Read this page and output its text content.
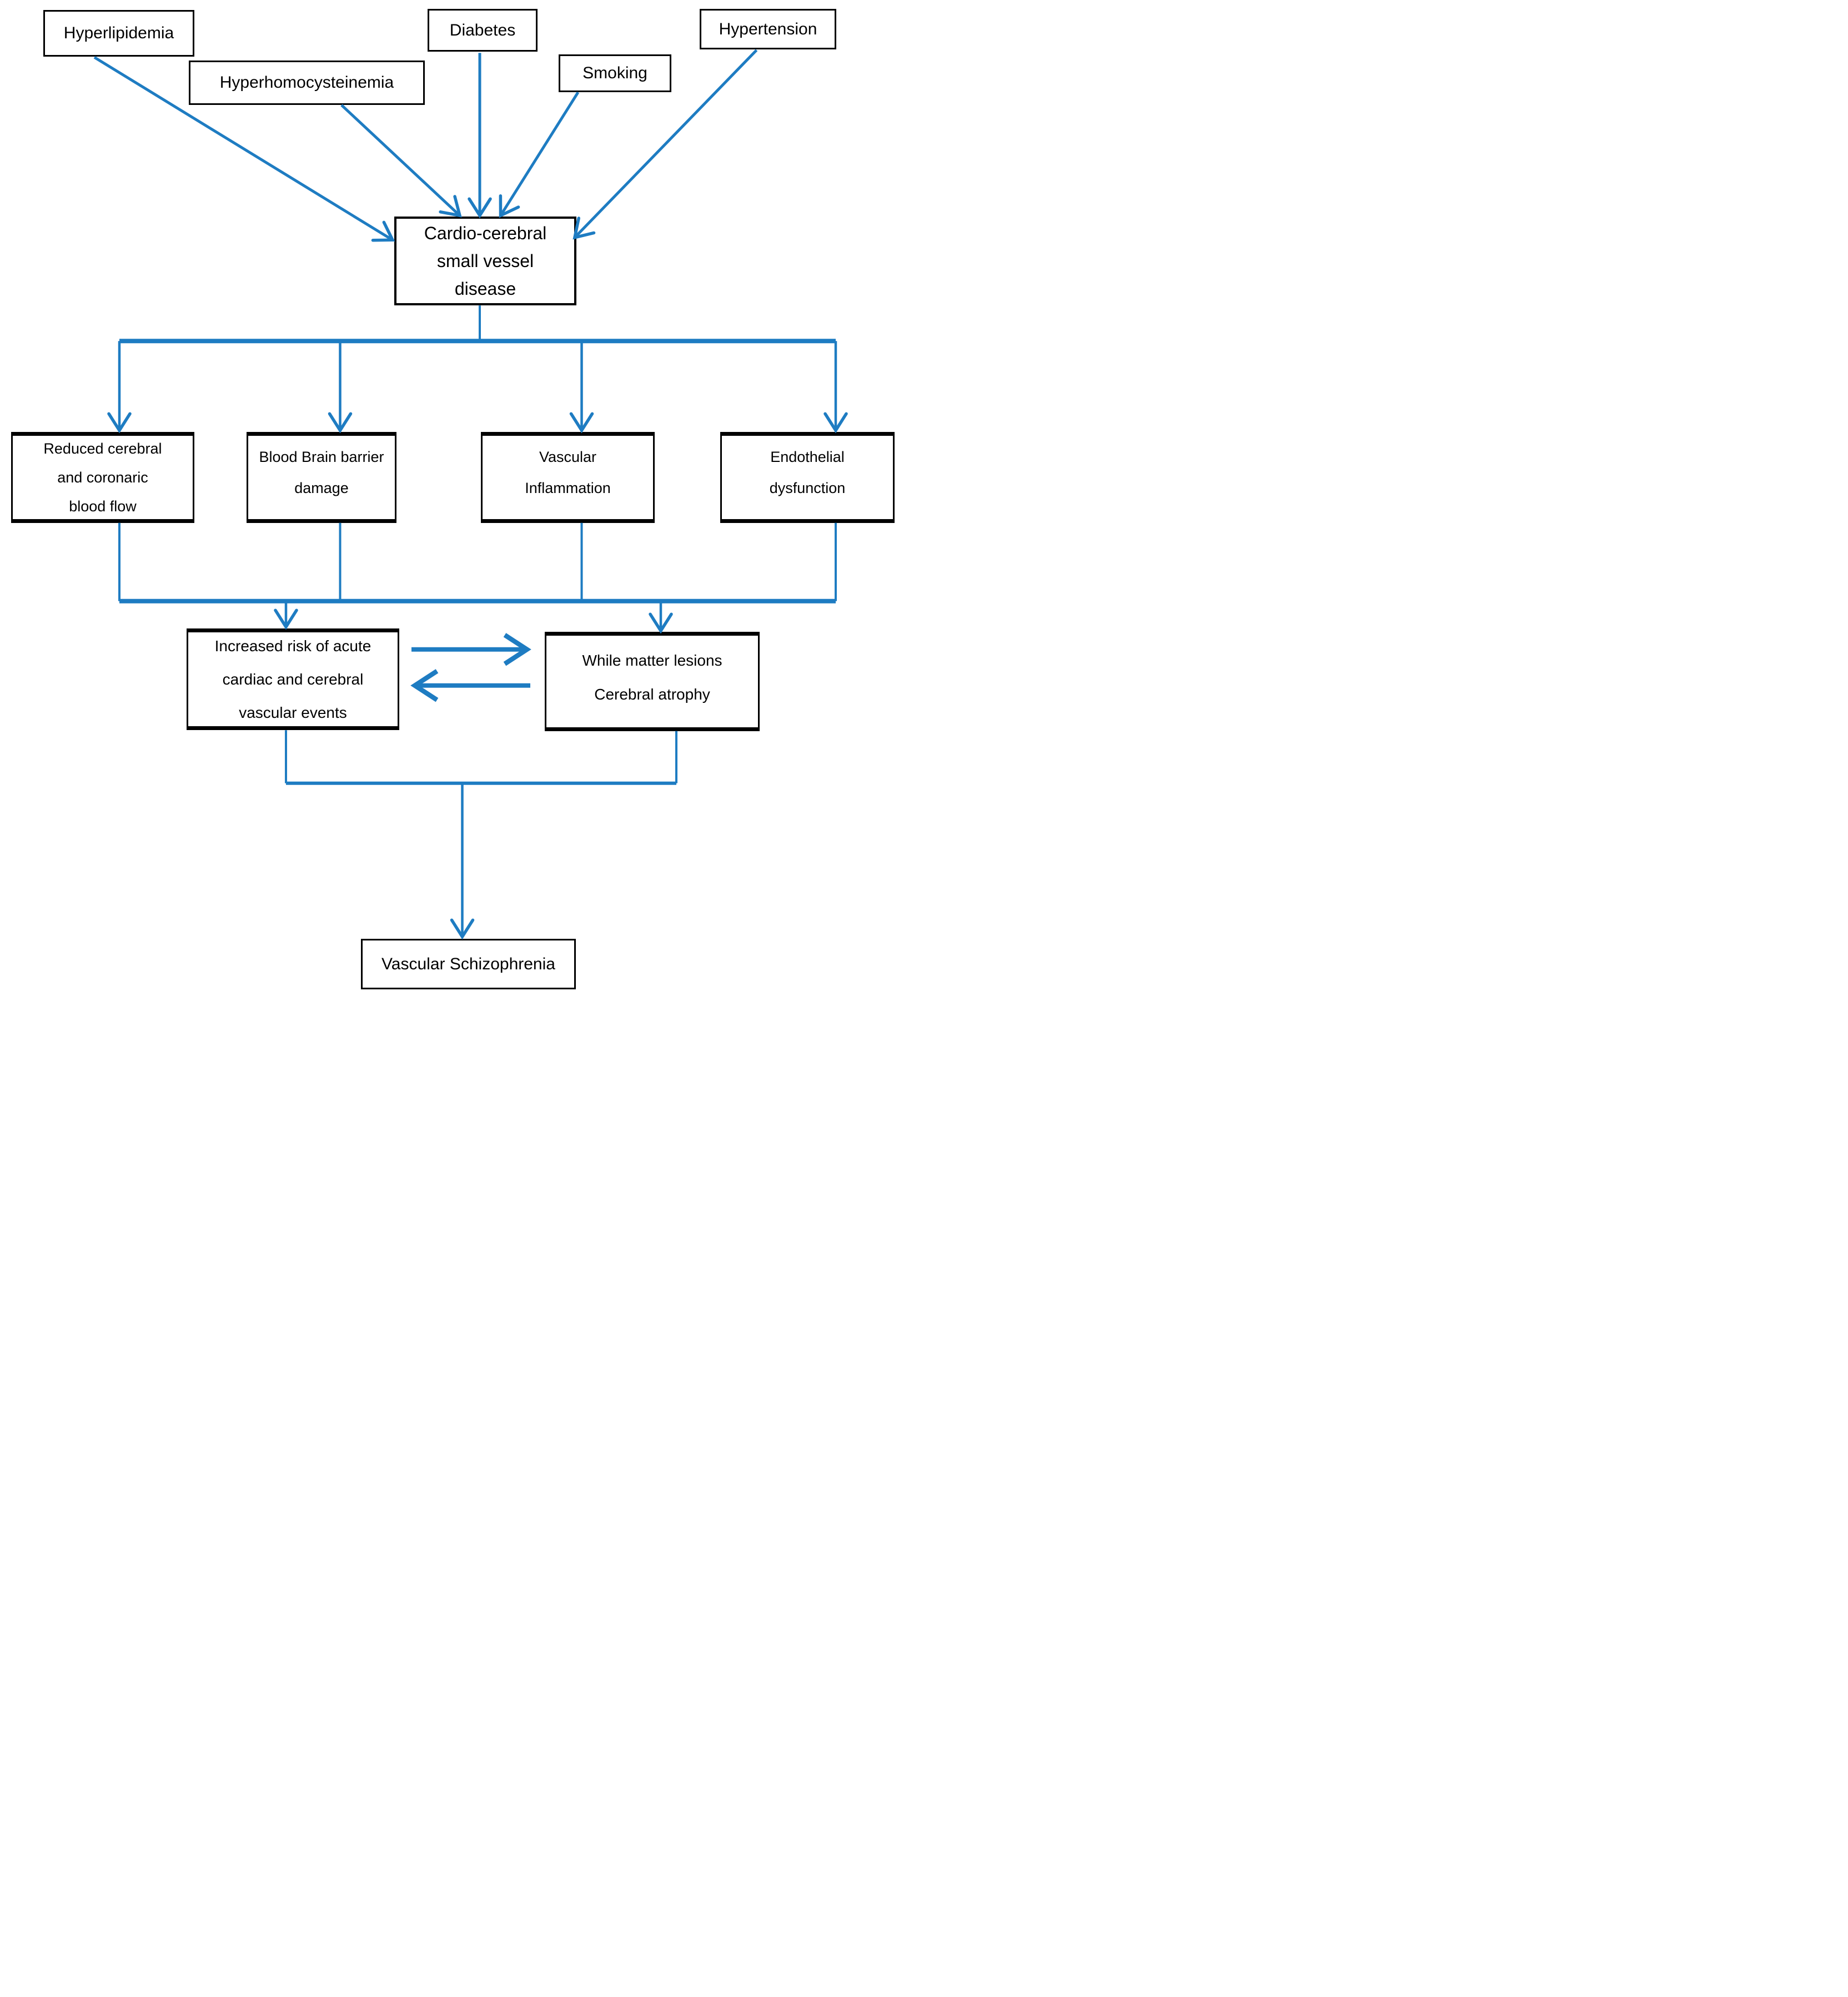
Hyperlipidemia
Hyperhomocysteinemia
Diabetes
Smoking
Hypertension
Cardio-cerebral
small vessel
disease
Reduced cerebral
and coronaric
blood flow
Blood Brain barrier
damage
Vascular
Inflammation
Endothelial
dysfunction
Increased risk of acute
cardiac and cerebral
vascular events
While matter lesions
Cerebral atrophy
Vascular Schizophrenia
